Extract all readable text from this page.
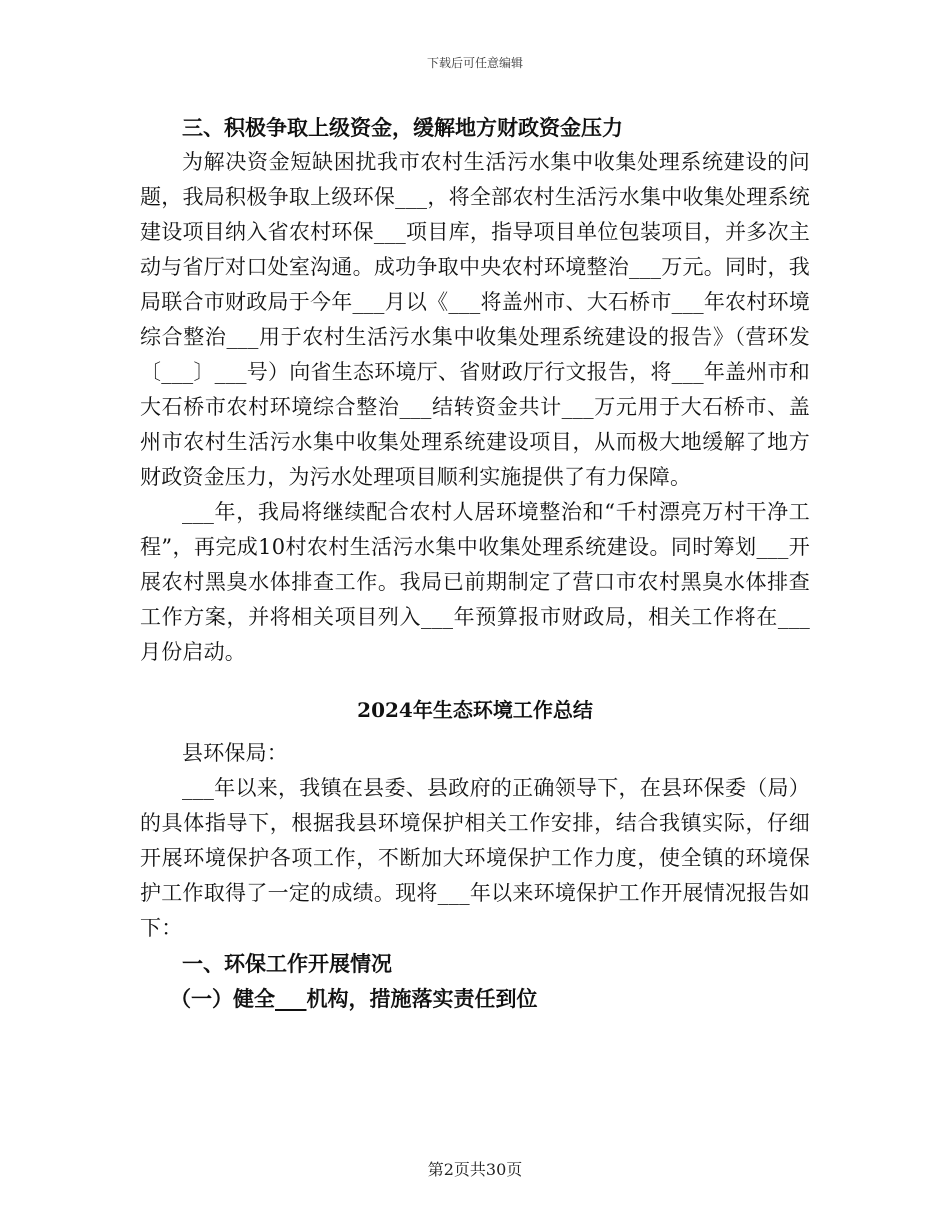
下载后可任意编辑

三、积极争取上级资金，缓解地方财政资金压力

为解决资金短缺困扰我市农村生活污水集中收集处理系统建设的问题，我局积极争取上级环保___，将全部农村生活污水集中收集处理系统建设项目纳入省农村环保___项目库，指导项目单位包装项目，并多次主动与省厅对口处室沟通。成功争取中央农村环境整治___万元。同时，我局联合市财政局于今年___月以《___将盖州市、大石桥市___年农村环境综合整治___用于农村生活污水集中收集处理系统建设的报告》（营环发〔___〕___号）向省生态环境厅、省财政厅行文报告，将___年盖州市和大石桥市农村环境综合整治___结转资金共计___万元用于大石桥市、盖州市农村生活污水集中收集处理系统建设项目，从而极大地缓解了地方财政资金压力，为污水处理项目顺利实施提供了有力保障。

___年，我局将继续配合农村人居环境整治和“千村漂亮万村干净工程”，再完成10村农村生活污水集中收集处理系统建设。同时筹划___开展农村黑臭水体排查工作。我局已前期制定了营口市农村黑臭水体排查工作方案，并将相关项目列入___年预算报市财政局，相关工作将在___月份启动。

2024年生态环境工作总结

县环保局：

___年以来，我镇在县委、县政府的正确领导下，在县环保委（局）的具体指导下，根据我县环境保护相关工作安排，结合我镇实际，仔细开展环境保护各项工作，不断加大环境保护工作力度，使全镇的环境保护工作取得了一定的成绩。现将___年以来环境保护工作开展情况报告如下：

一、环保工作开展情况

（一）健全___机构，措施落实责任到位

第2页共30页
